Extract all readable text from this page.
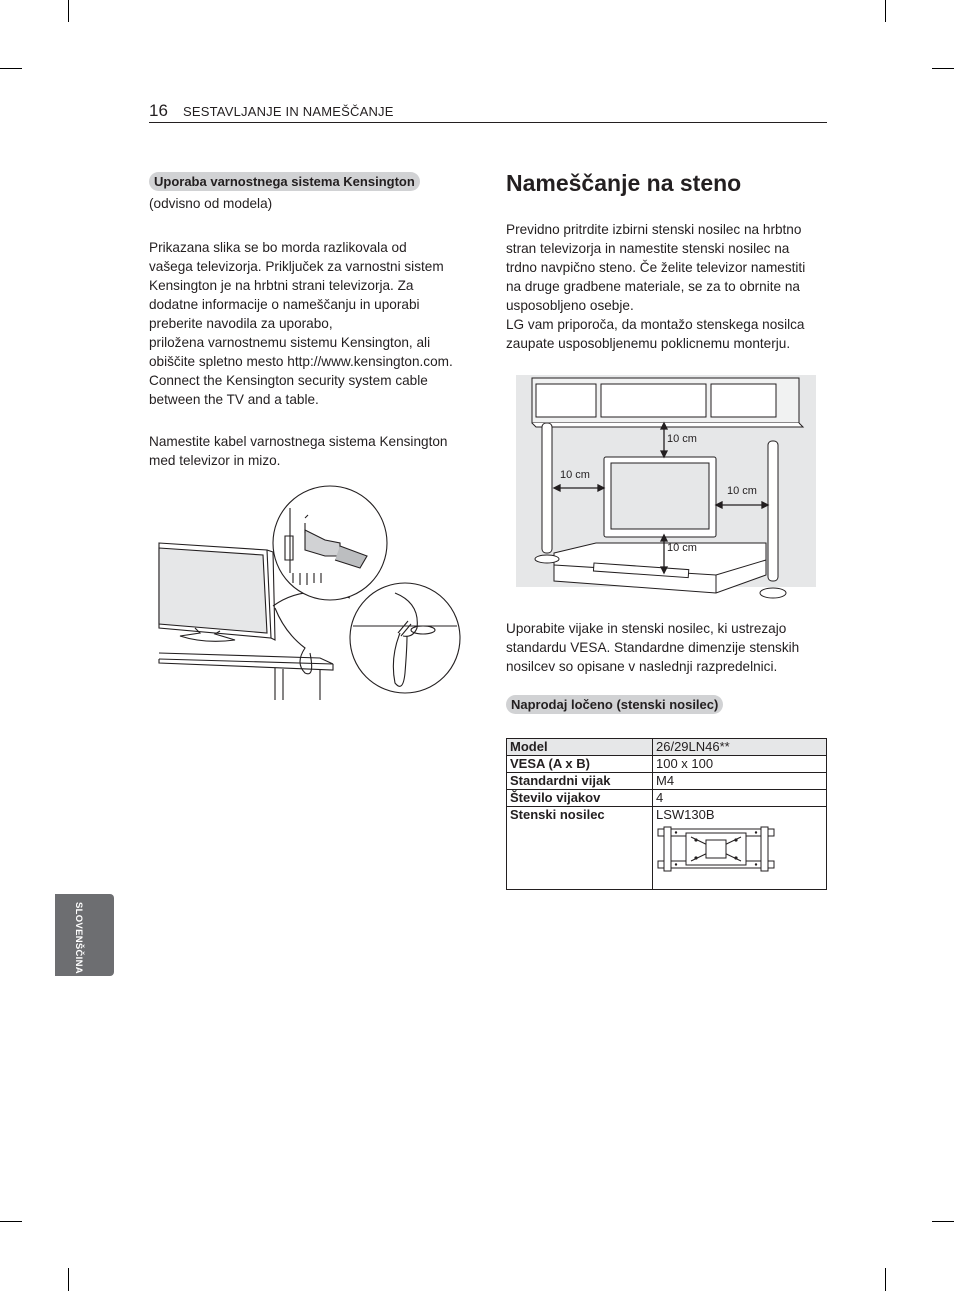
16 SESTAVLJANJE IN NAMEŠČANJE
SLOVENŠČINA
Uporaba varnostnega sistema Kensington
(odvisno od modela)
Prikazana slika se bo morda razlikovala od
vašega televizorja. Priključek za varnostni sistem
Kensington je na hrbtni strani televizorja. Za
dodatne informacije o nameščanju in uporabi
preberite navodila za uporabo,
priložena varnostnemu sistemu Kensington, ali
obiščite spletno mesto http://www.kensington.com.
Connect the Kensington security system cable
between the TV and a table.
Namestite kabel varnostnega sistema Kensington
med televizor in mizo.
Nameščanje na steno
Previdno pritrdite izbirni stenski nosilec na hrbtno
stran televizorja in namestite stenski nosilec na
trdno navpično steno. Če želite televizor namestiti
na druge gradbene materiale, se za to obrnite na
usposobljeno osebje.
LG vam priporoča, da montažo stenskega nosilca
zaupate usposobljenemu poklicnemu monterju.
10 cm
10 cm
10 cm
10 cm
Uporabite vijake in stenski nosilec, ki ustrezajo
standardu VESA. Standardne dimenzije stenskih
nosilcev so opisane v naslednji razpredelnici.
Naprodaj ločeno (stenski nosilec)
Model	26/29LN46**
VESA (A x B)	100 x 100
Standardni vijak	M4
Število vijakov	4
Stenski nosilec	LSW130B
